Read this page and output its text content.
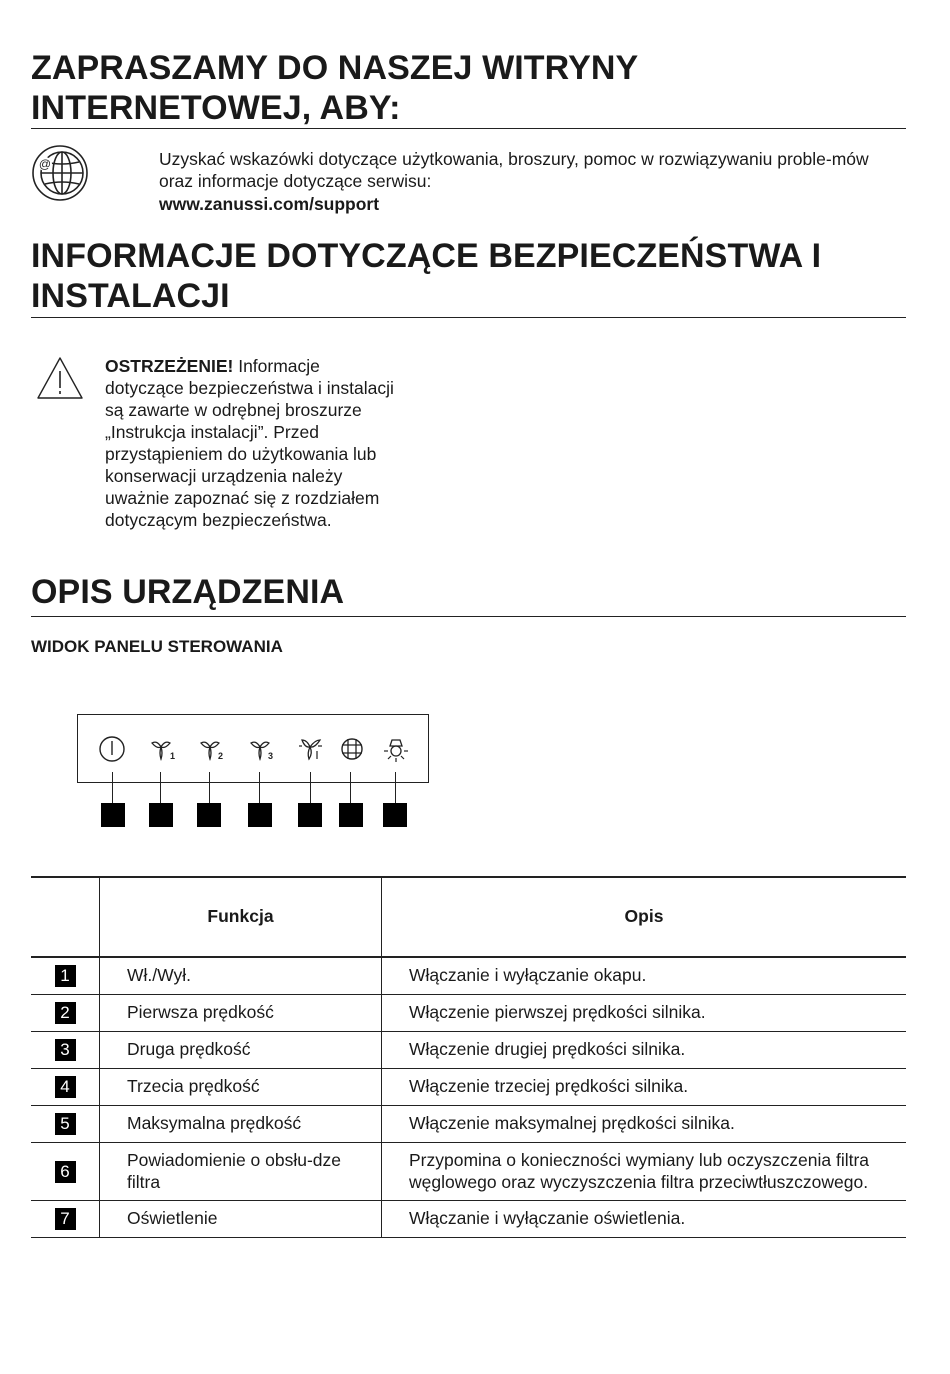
ZAPRASZAMY DO NASZEJ WITRYNY INTERNETOWEJ, ABY:
@	Uzyskać wskazówki dotyczące użytkowania, broszury, pomoc w rozwiązywaniu proble-mów oraz informacje dotyczące serwisu:
www.zanussi.com/support
INFORMACJE DOTYCZĄCE BEZPIECZEŃSTWA I INSTALACJI

OSTRZEŻENIE! Informacje dotyczące bezpieczeństwa i instalacji są zawarte w odrębnej broszurze „Instrukcja instalacji”. Przed przystąpieniem do użytkowania lub konserwacji urządzenia należy uważnie zapoznać się z rozdziałem dotyczącym bezpieczeństwa.

OPIS URZĄDZENIA
WIDOK PANELU STEROWANIA
1	2	3
	Funkcja	Opis
1	Wł./Wył.	Włączanie i wyłączanie okapu.
2	Pierwsza prędkość	Włączenie pierwszej prędkości silnika.
3	Druga prędkość	Włączenie drugiej prędkości silnika.
4	Trzecia prędkość	Włączenie trzeciej prędkości silnika.
5	Maksymalna prędkość	Włączenie maksymalnej prędkości silnika.
6	Powiadomienie o obsłu-dze filtra	Przypomina o konieczności wymiany lub oczyszczenia filtra węglowego oraz wyczyszczenia filtra przeciwtłuszczowego.
7	Oświetlenie	Włączanie i wyłączanie oświetlenia.
